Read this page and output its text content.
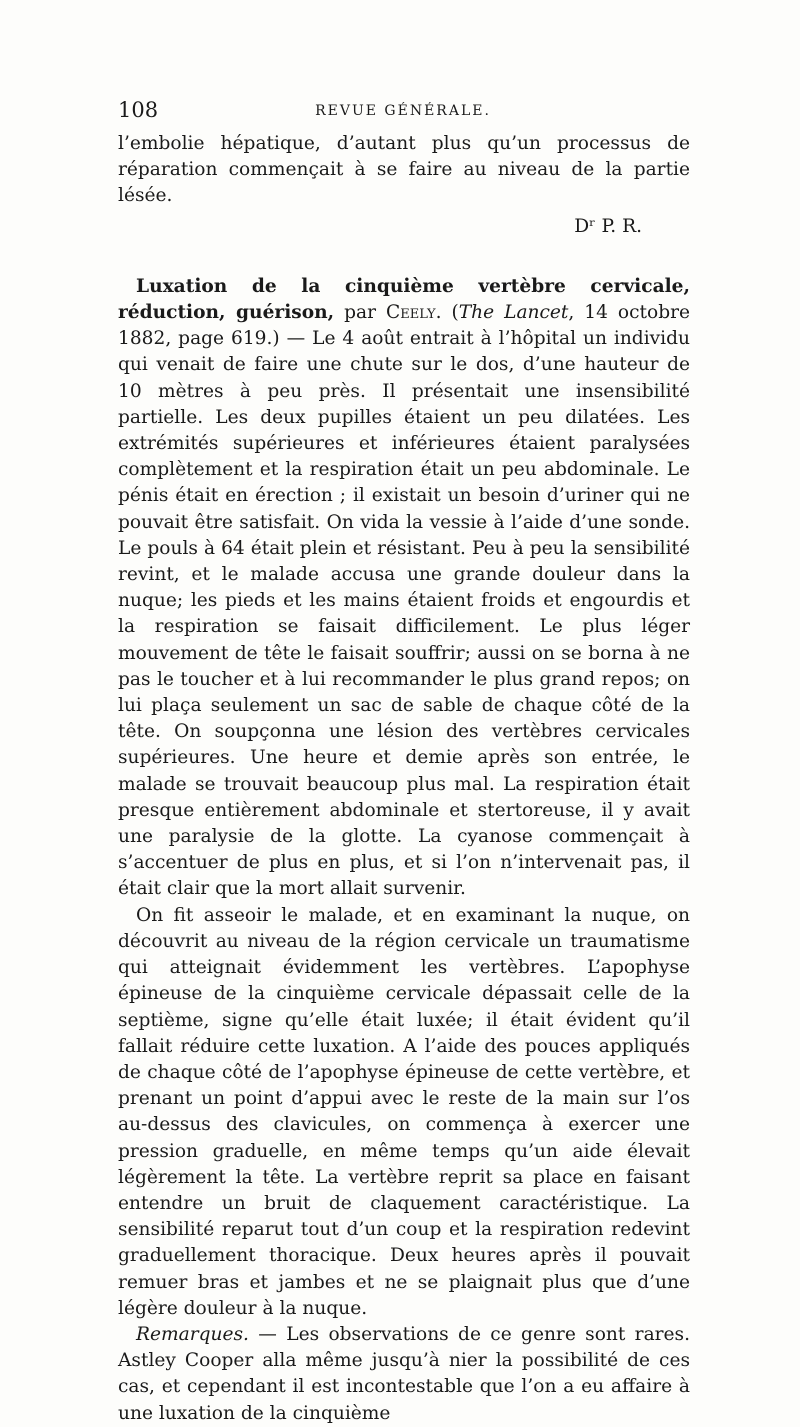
108	REVUE GÉNÉRALE.

l’embolie hépatique, d’autant plus qu’un processus de réparation commençait à se faire au niveau de la partie lésée.

Dʳ P. R.

Luxation de la cinquième vertèbre cervicale, réduction, guérison, par Ceely. (The Lancet, 14 octobre 1882, page 619.) — Le 4 août entrait à l’hôpital un individu qui venait de faire une chute sur le dos, d’une hauteur de 10 mètres à peu près. Il présentait une insensibilité partielle. Les deux pupilles étaient un peu dilatées. Les extrémités supérieures et inférieures étaient paralysées complètement et la respiration était un peu abdominale. Le pénis était en érection ; il existait un besoin d’uriner qui ne pouvait être satisfait. On vida la vessie à l’aide d’une sonde. Le pouls à 64 était plein et résistant. Peu à peu la sensibilité revint, et le malade accusa une grande douleur dans la nuque; les pieds et les mains étaient froids et engourdis et la respiration se faisait difficilement. Le plus léger mouvement de tête le faisait souffrir; aussi on se borna à ne pas le toucher et à lui recommander le plus grand repos; on lui plaça seulement un sac de sable de chaque côté de la tête. On soupçonna une lésion des vertèbres cervicales supérieures. Une heure et demie après son entrée, le malade se trouvait beaucoup plus mal. La respiration était presque entièrement abdominale et stertoreuse, il y avait une paralysie de la glotte. La cyanose commençait à s’accentuer de plus en plus, et si l’on n’intervenait pas, il était clair que la mort allait survenir.

On fit asseoir le malade, et en examinant la nuque, on découvrit au niveau de la région cervicale un traumatisme qui atteignait évidemment les vertèbres. L’apophyse épineuse de la cinquième cervicale dépassait celle de la septième, signe qu’elle était luxée; il était évident qu’il fallait réduire cette luxation. A l’aide des pouces appliqués de chaque côté de l’apophyse épineuse de cette vertèbre, et prenant un point d’appui avec le reste de la main sur l’os au-dessus des clavicules, on commença à exercer une pression graduelle, en même temps qu’un aide élevait légèrement la tête. La vertèbre reprit sa place en faisant entendre un bruit de claquement caractéristique. La sensibilité reparut tout d’un coup et la respiration redevint graduellement thoracique. Deux heures après il pouvait remuer bras et jambes et ne se plaignait plus que d’une légère douleur à la nuque.

Remarques. — Les observations de ce genre sont rares. Astley Cooper alla même jusqu’à nier la possibilité de ces cas, et cependant il est incontestable que l’on a eu affaire à une luxation de la cinquième
